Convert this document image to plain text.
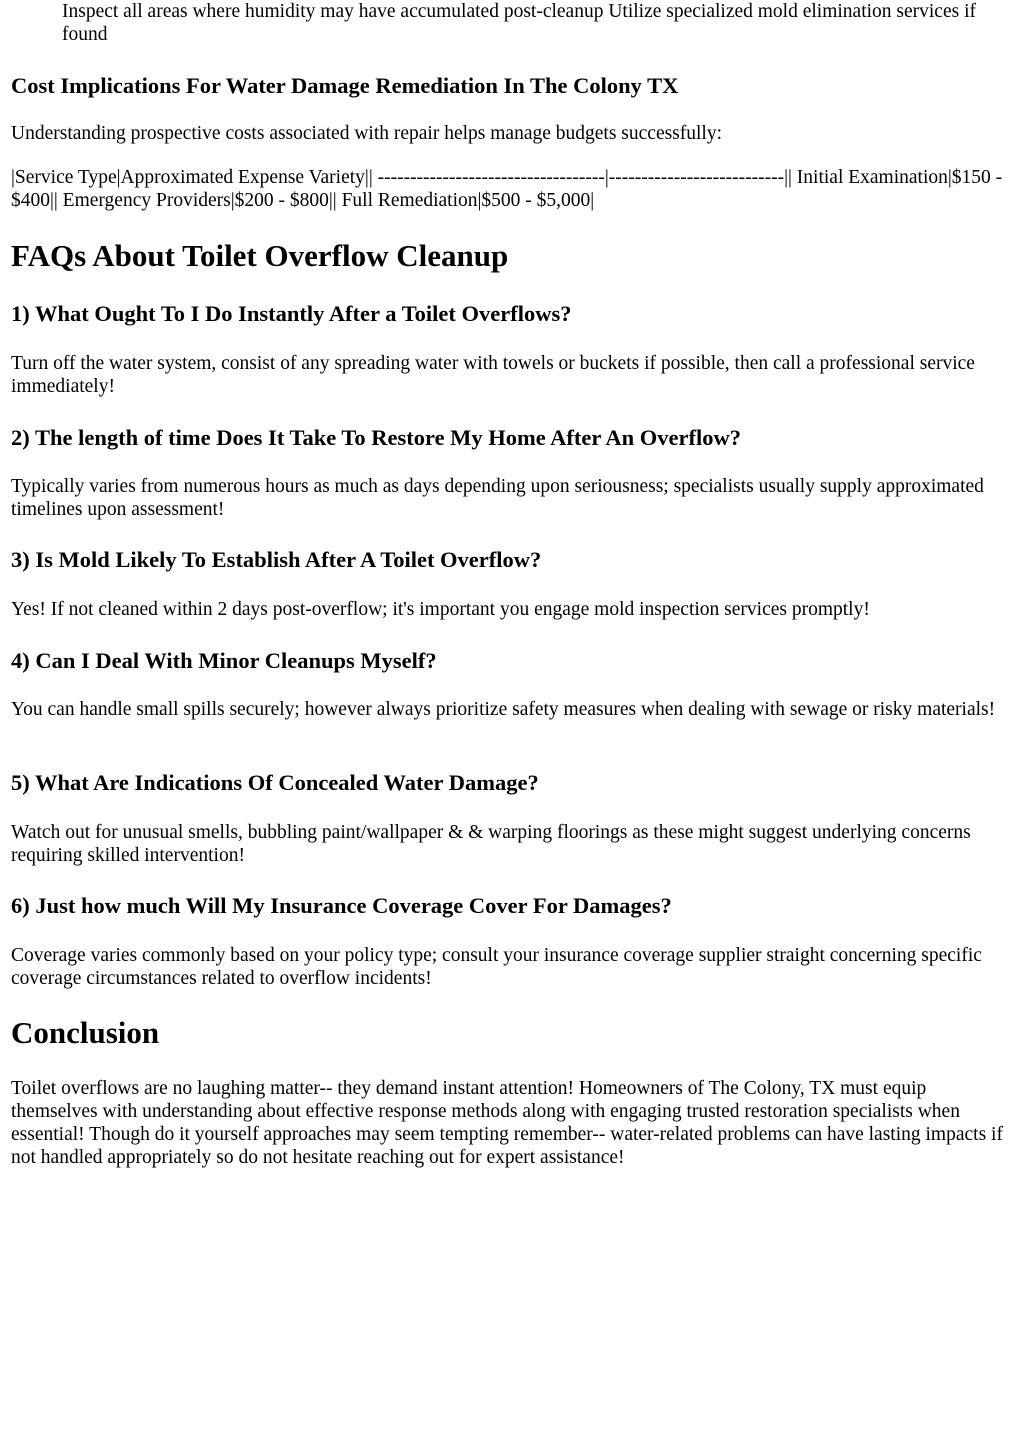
Inspect all areas where humidity may have accumulated post-cleanup Utilize specialized mold elimination services if found
Cost Implications For Water Damage Remediation In The Colony TX

Understanding prospective costs associated with repair helps manage budgets successfully:

|Service Type|Approximated Expense Variety|| -----------------------------------|---------------------------|| Initial Examination|$150 - $400|| Emergency Providers|$200 - $800|| Full Remediation|$500 - $5,000|

FAQs About Toilet Overflow Cleanup
1) What Ought To I Do Instantly After a Toilet Overflows?

Turn off the water system, consist of any spreading water with towels or buckets if possible, then call a professional service immediately!

2) The length of time Does It Take To Restore My Home After An Overflow?

Typically varies from numerous hours as much as days depending upon seriousness; specialists usually supply approximated timelines upon assessment!

3) Is Mold Likely To Establish After A Toilet Overflow?

Yes! If not cleaned within 2 days post-overflow; it's important you engage mold inspection services promptly!

4) Can I Deal With Minor Cleanups Myself?

You can handle small spills securely; however always prioritize safety measures when dealing with sewage or risky materials!

5) What Are Indications Of Concealed Water Damage?

Watch out for unusual smells, bubbling paint/wallpaper & & warping floorings as these might suggest underlying concerns requiring skilled intervention!

6) Just how much Will My Insurance Coverage Cover For Damages?

Coverage varies commonly based on your policy type; consult your insurance coverage supplier straight concerning specific coverage circumstances related to overflow incidents!

Conclusion

Toilet overflows are no laughing matter-- they demand instant attention! Homeowners of The Colony, TX must equip themselves with understanding about effective response methods along with engaging trusted restoration specialists when essential! Though do it yourself approaches may seem tempting remember-- water-related problems can have lasting impacts if not handled appropriately so do not hesitate reaching out for expert assistance!
